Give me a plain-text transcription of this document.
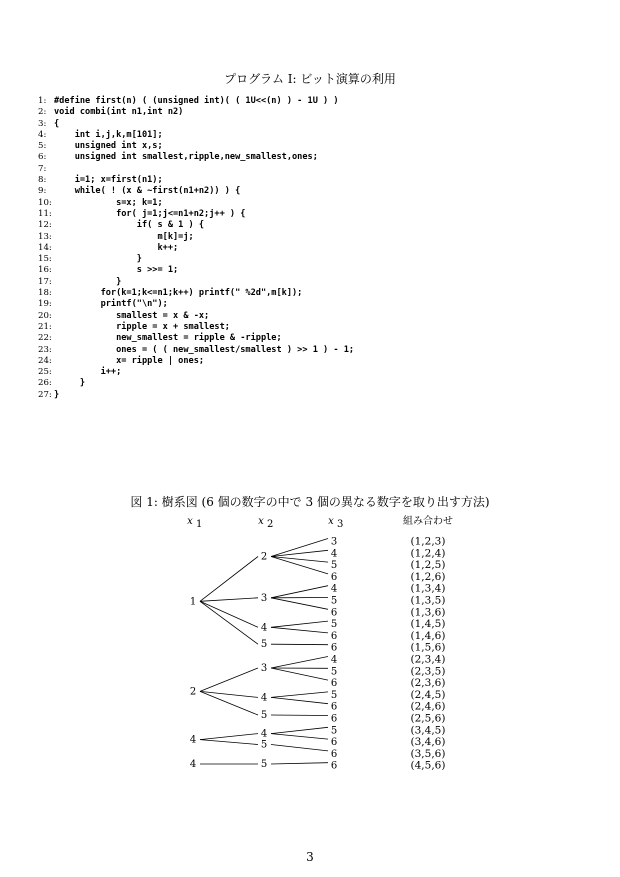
プログラム I: ビット演算の利用
1: #define first(n) ( (unsigned int)( ( 1U<<(n) ) - 1U ) )
2: void combi(int n1,int n2)
3: {
4:    int i,j,k,m[101];
5:    unsigned int x,s;
6:    unsigned int smallest,ripple,new_smallest,ones;
7:
8:    i=1; x=first(n1);
9:    while( ! (x & ~first(n1+n2)) ) {
10:            s=x; k=1;
11:            for( j=1;j<=n1+n2;j++ ) {
12:                if( s & 1 ) {
13:                    m[k]=j;
14:                    k++;
15:                }
16:                s >>= 1;
17:            }
18:         for(k=1;k<=n1;k++) printf(" %2d",m[k]);
19:         printf("\n");
20:            smallest = x & -x;
21:            ripple = x + smallest;
22:            new_smallest = ripple & -ripple;
23:            ones = ( ( new_smallest/smallest ) >> 1 ) - 1;
24:            x= ripple | ones;
25:         i++;
26:     }
27: }
図 1: 樹系図 (6 個の数字の中で 3 個の異なる数字を取り出す方法)
x 1	x 2	x 3	組み合わせ
1
2
4
4
2
3
4
5
3
4
5
4
5
5
3
4
5
6
4
5
6
5
6
6
4
5
6
5
6
6
5
6
6
6
(1,2,3)
(1,2,4)
(1,2,5)
(1,2,6)
(1,3,4)
(1,3,5)
(1,3,6)
(1,4,5)
(1,4,6)
(1,5,6)
(2,3,4)
(2,3,5)
(2,3,6)
(2,4,5)
(2,4,6)
(2,5,6)
(3,4,5)
(3,4,6)
(3,5,6)
(4,5,6)
3
